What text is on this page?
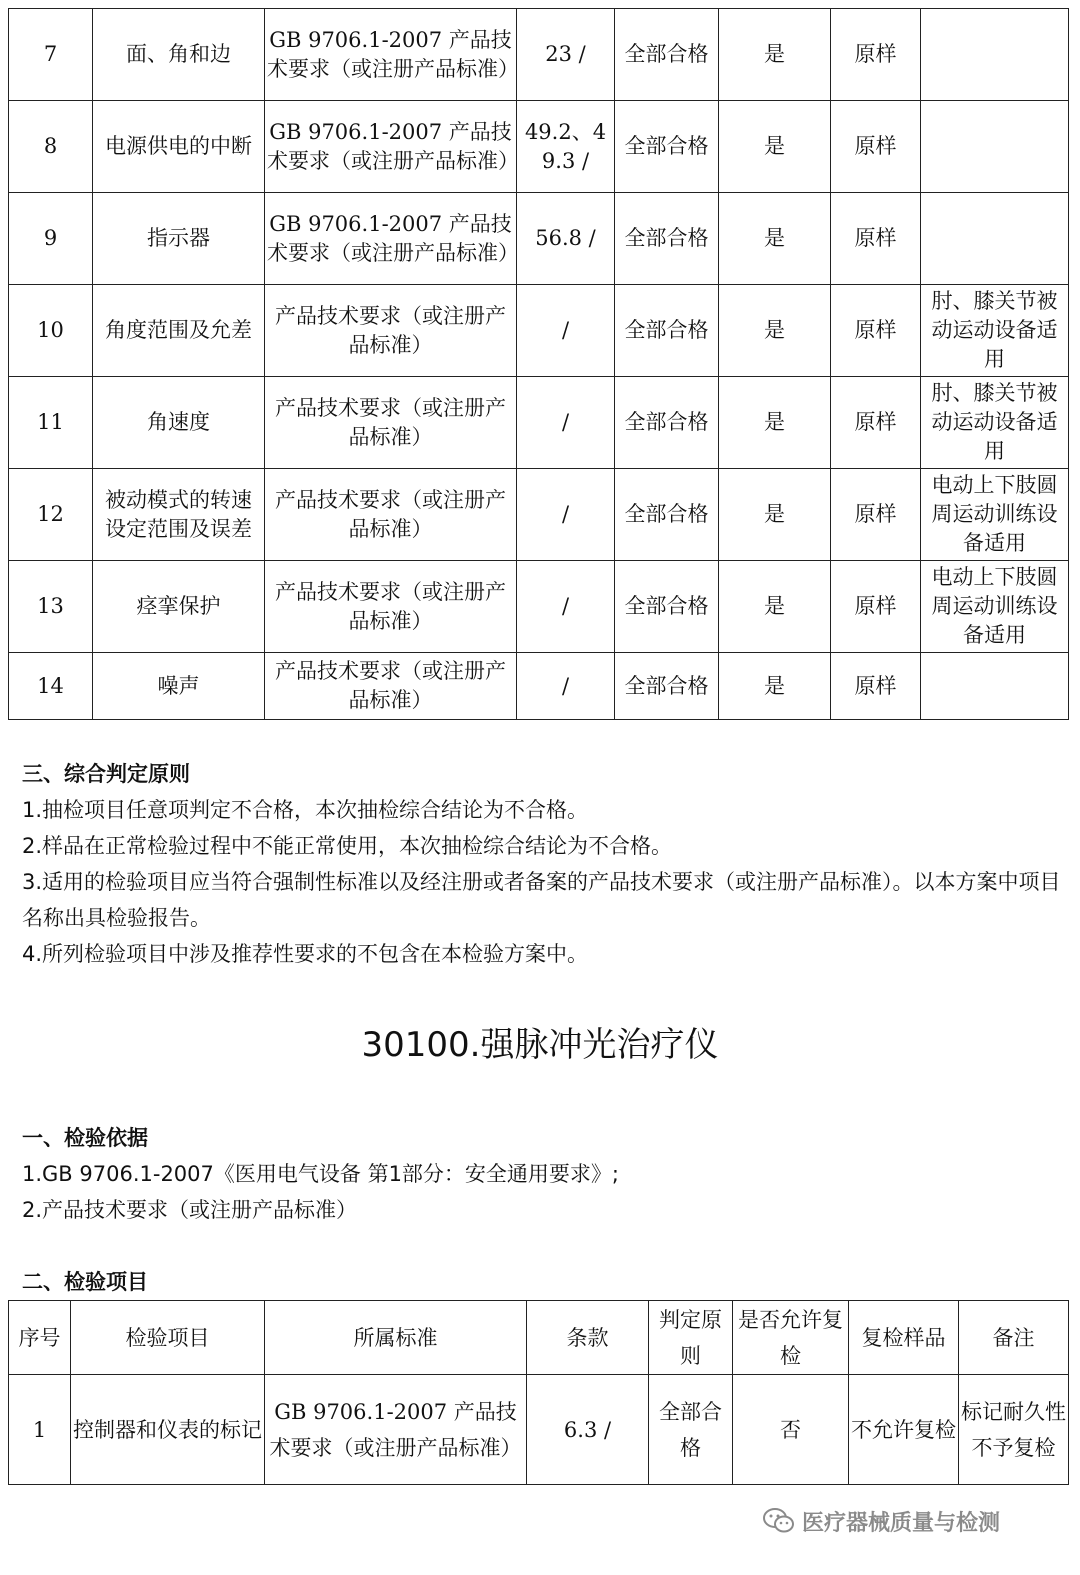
7	面、角和边	GB 9706.1-2007 产品技术要求（或注册产品标准）	23 /	全部合格	是	原样	
8	电源供电的中断	GB 9706.1-2007 产品技术要求（或注册产品标准）	49.2、49.3 /	全部合格	是	原样	
9	指示器	GB 9706.1-2007 产品技术要求（或注册产品标准）	56.8 /	全部合格	是	原样	
10	角度范围及允差	产品技术要求（或注册产品标准）	/	全部合格	是	原样	肘、膝关节被动运动设备适用
11	角速度	产品技术要求（或注册产品标准）	/	全部合格	是	原样	肘、膝关节被动运动设备适用
12	被动模式的转速设定范围及误差	产品技术要求（或注册产品标准）	/	全部合格	是	原样	电动上下肢圆周运动训练设备适用
13	痉挛保护	产品技术要求（或注册产品标准）	/	全部合格	是	原样	电动上下肢圆周运动训练设备适用
14	噪声	产品技术要求（或注册产品标准）	/	全部合格	是	原样	
三、综合判定原则

1.抽检项目任意项判定不合格，本次抽检综合结论为不合格。

2.样品在正常检验过程中不能正常使用，本次抽检综合结论为不合格。

3.适用的检验项目应当符合强制性标准以及经注册或者备案的产品技术要求（或注册产品标准）。以本方案中项目名称出具检验报告。

4.所列检验项目中涉及推荐性要求的不包含在本检验方案中。

30100.强脉冲光治疗仪
一、检验依据

1.GB 9706.1-2007《医用电气设备 第1部分：安全通用要求》;

2.产品技术要求（或注册产品标准）

二、检验项目
序号	检验项目	所属标准	条款	判定原则	是否允许复检	复检样品	备注
1	控制器和仪表的标记	GB 9706.1-2007 产品技术要求（或注册产品标准）	6.3 /	全部合格	否	不允许复检	标记耐久性不予复检
医疗器械质量与检测
